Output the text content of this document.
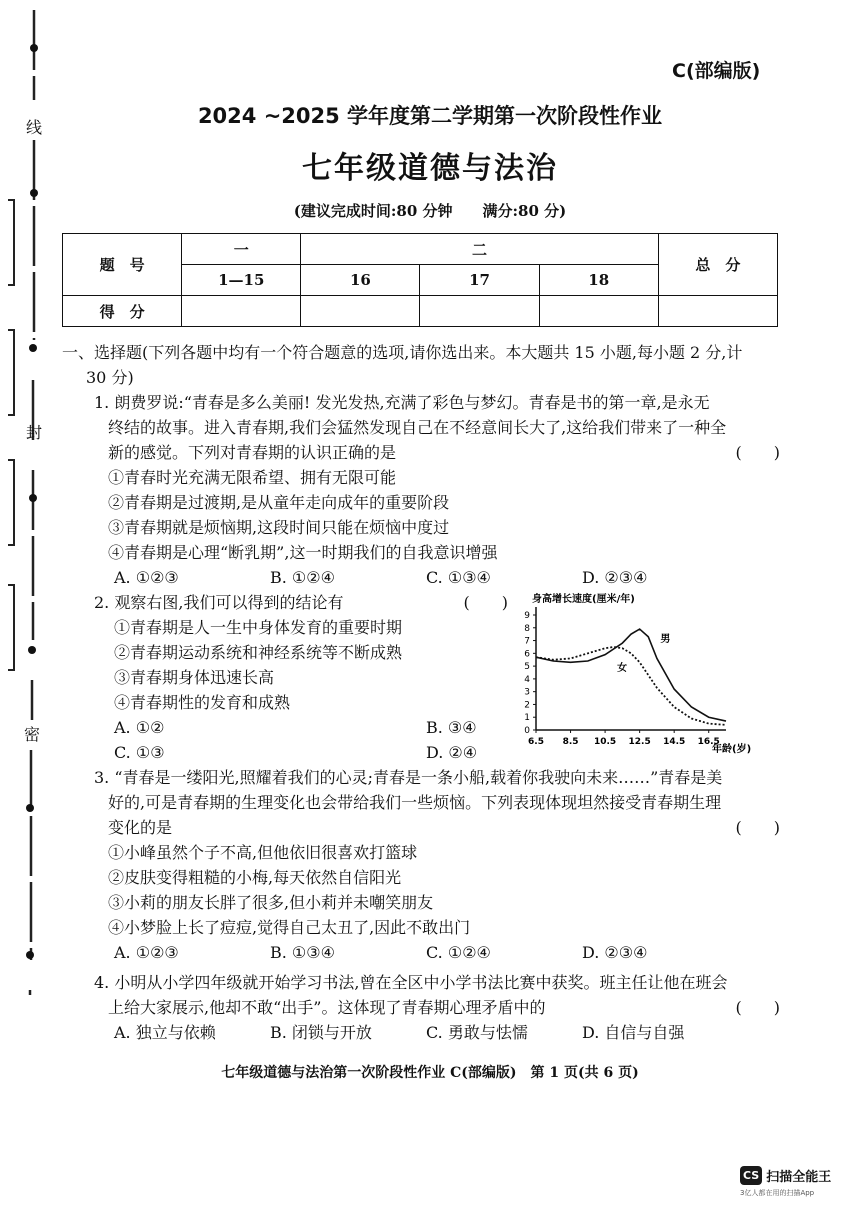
线
封
密
C(部编版)
2024 ~2025 学年度第二学期第一次阶段性作业
七年级道德与法治
(建议完成时间:80 分钟　　满分:80 分)
题　号	一	二			总　分
	1—15	16	17	18	
得　分					
一、选择题(下列各题中均有一个符合题意的选项,请你选出来。本大题共 15 小题,每小题 2 分,计
30 分)
1. 朗费罗说:“青春是多么美丽! 发光发热,充满了彩色与梦幻。青春是书的第一章,是永无
终结的故事。进入青春期,我们会猛然发现自己在不经意间长大了,这给我们带来了一种全
新的感觉。下列对青春期的认识正确的是	(　　)
①青春时光充满无限希望、拥有无限可能
②青春期是过渡期,是从童年走向成年的重要阶段
③青春期就是烦恼期,这段时间只能在烦恼中度过
④青春期是心理“断乳期”,这一时期我们的自我意识增强
A. ①②③	B. ①②④	C. ①③④	D. ②③④
2. 观察右图,我们可以得到的结论有	(　　)
①青春期是人一生中身体发育的重要时期
②青春期运动系统和神经系统等不断成熟
③青春期身体迅速长高
④青春期性的发育和成熟
A. ①②	B. ③④
C. ①③	D. ②④
身高增长速度(厘米/年)
0
1
2
3
4
5
6
7
8
9
6.5 8.5 10.5 12.5 14.5 16.5
男
女
年龄(岁)
3. “青春是一缕阳光,照耀着我们的心灵;青春是一条小船,载着你我驶向未来……”青春是美
好的,可是青春期的生理变化也会带给我们一些烦恼。下列表现体现坦然接受青春期生理
变化的是	(　　)
①小峰虽然个子不高,但他依旧很喜欢打篮球
②皮肤变得粗糙的小梅,每天依然自信阳光
③小莉的朋友长胖了很多,但小莉并未嘲笑朋友
④小梦脸上长了痘痘,觉得自己太丑了,因此不敢出门
A. ①②③	B. ①③④	C. ①②④	D. ②③④
4. 小明从小学四年级就开始学习书法,曾在全区中小学书法比赛中获奖。班主任让他在班会
上给大家展示,他却不敢“出手”。这体现了青春期心理矛盾中的	(　　)
A. 独立与依赖	B. 闭锁与开放	C. 勇敢与怯懦	D. 自信与自强
七年级道德与法治第一次阶段性作业 C(部编版)　第 1 页(共 6 页)
CS 扫描全能王
3亿人都在用的扫描App
